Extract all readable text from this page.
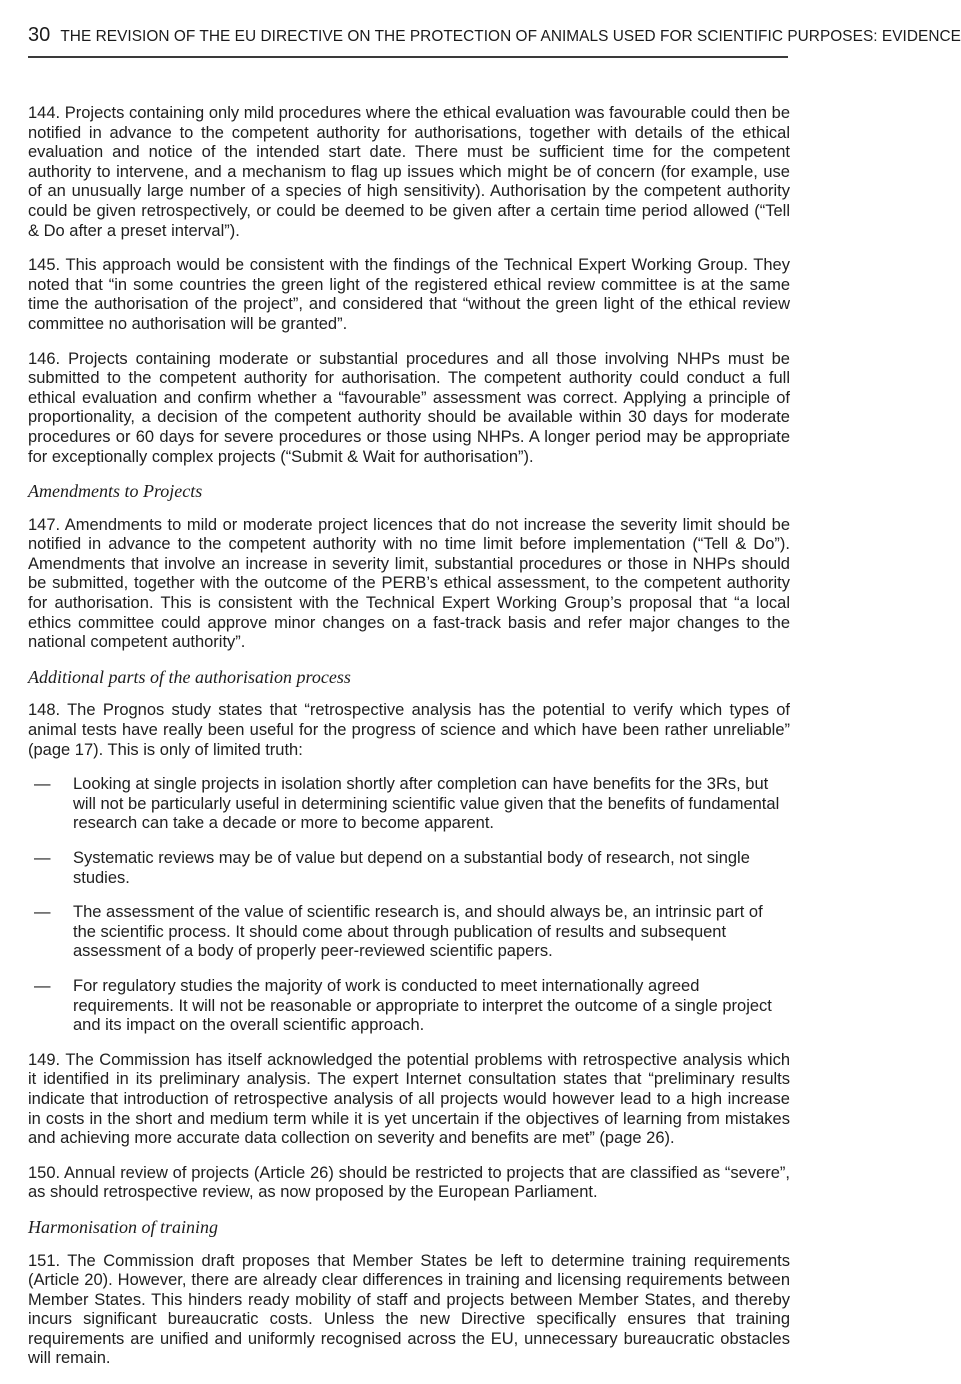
30 THE REVISION OF THE EU DIRECTIVE ON THE PROTECTION OF ANIMALS USED FOR SCIENTIFIC PURPOSES: EVIDENCE

144. Projects containing only mild procedures where the ethical evaluation was favourable could then be notified in advance to the competent authority for authorisations, together with details of the ethical evaluation and notice of the intended start date. There must be sufficient time for the competent authority to intervene, and a mechanism to flag up issues which might be of concern (for example, use of an unusually large number of a species of high sensitivity). Authorisation by the competent authority could be given retrospectively, or could be deemed to be given after a certain time period allowed (“Tell & Do after a preset interval”).

145. This approach would be consistent with the findings of the Technical Expert Working Group. They noted that “in some countries the green light of the registered ethical review committee is at the same time the authorisation of the project”, and considered that “without the green light of the ethical review committee no authorisation will be granted”.

146. Projects containing moderate or substantial procedures and all those involving NHPs must be submitted to the competent authority for authorisation. The competent authority could conduct a full ethical evaluation and confirm whether a “favourable” assessment was correct. Applying a principle of proportionality, a decision of the competent authority should be available within 30 days for moderate procedures or 60 days for severe procedures or those using NHPs. A longer period may be appropriate for exceptionally complex projects (“Submit & Wait for authorisation”).

Amendments to Projects

147. Amendments to mild or moderate project licences that do not increase the severity limit should be notified in advance to the competent authority with no time limit before implementation (“Tell & Do”). Amendments that involve an increase in severity limit, substantial procedures or those in NHPs should be submitted, together with the outcome of the PERB’s ethical assessment, to the competent authority for authorisation. This is consistent with the Technical Expert Working Group’s proposal that “a local ethics committee could approve minor changes on a fast-track basis and refer major changes to the national competent authority”.

Additional parts of the authorisation process

148. The Prognos study states that “retrospective analysis has the potential to verify which types of animal tests have really been useful for the progress of science and which have been rather unreliable” (page 17). This is only of limited truth:

—	Looking at single projects in isolation shortly after completion can have benefits for the 3Rs, but will not be particularly useful in determining scientific value given that the benefits of fundamental research can take a decade or more to become apparent.
—	Systematic reviews may be of value but depend on a substantial body of research, not single studies.
—	The assessment of the value of scientific research is, and should always be, an intrinsic part of the scientific process. It should come about through publication of results and subsequent assessment of a body of properly peer-reviewed scientific papers.
—	For regulatory studies the majority of work is conducted to meet internationally agreed requirements. It will not be reasonable or appropriate to interpret the outcome of a single project and its impact on the overall scientific approach.

149. The Commission has itself acknowledged the potential problems with retrospective analysis which it identified in its preliminary analysis. The expert Internet consultation states that “preliminary results indicate that introduction of retrospective analysis of all projects would however lead to a high increase in costs in the short and medium term while it is yet uncertain if the objectives of learning from mistakes and achieving more accurate data collection on severity and benefits are met” (page 26).

150. Annual review of projects (Article 26) should be restricted to projects that are classified as “severe”, as should retrospective review, as now proposed by the European Parliament.

Harmonisation of training

151. The Commission draft proposes that Member States be left to determine training requirements (Article 20). However, there are already clear differences in training and licensing requirements between Member States. This hinders ready mobility of staff and projects between Member States, and thereby incurs significant bureaucratic costs. Unless the new Directive specifically ensures that training requirements are unified and uniformly recognised across the EU, unnecessary bureaucratic obstacles will remain.
